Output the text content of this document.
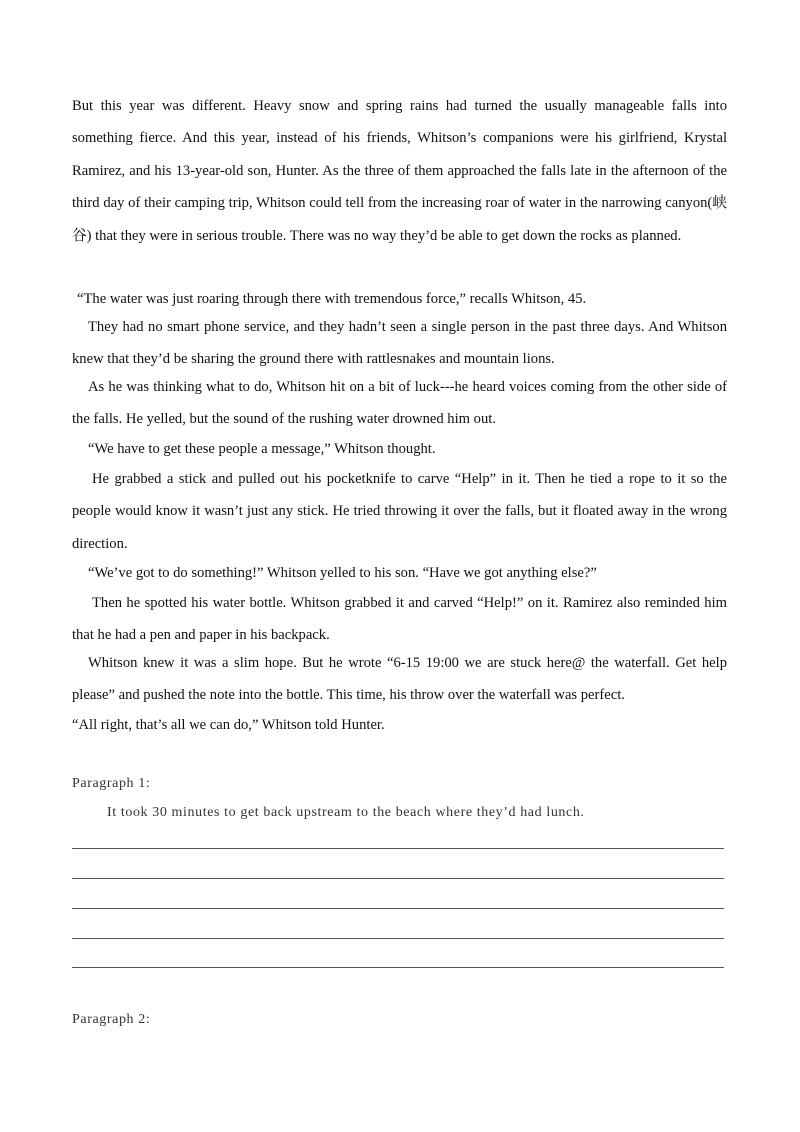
But this year was different. Heavy snow and spring rains had turned the usually manageable falls into something fierce. And this year, instead of his friends, Whitson’s companions were his girlfriend, Krystal Ramirez, and his 13-year-old son, Hunter. As the three of them approached the falls late in the afternoon of the third day of their camping trip, Whitson could tell from the increasing roar of water in the narrowing canyon(峡谷) that they were in serious trouble. There was no way they’d be able to get down the rocks as planned.

“The water was just roaring through there with tremendous force,” recalls Whitson, 45.

They had no smart phone service, and they hadn’t seen a single person in the past three days. And Whitson knew that they’d be sharing the ground there with rattlesnakes and mountain lions.

As he was thinking what to do, Whitson hit on a bit of luck---he heard voices coming from the other side of the falls. He yelled, but the sound of the rushing water drowned him out.

“We have to get these people a message,” Whitson thought.

He grabbed a stick and pulled out his pocketknife to carve “Help” in it. Then he tied a rope to it so the people would know it wasn’t just any stick. He tried throwing it over the falls, but it floated away in the wrong direction.

“We’ve got to do something!” Whitson yelled to his son. “Have we got anything else?”

Then he spotted his water bottle. Whitson grabbed it and carved “Help!” on it. Ramirez also reminded him that he had a pen and paper in his backpack.

Whitson knew it was a slim hope. But he wrote “6-15 19:00 we are stuck here@ the waterfall. Get help please” and pushed the note into the bottle. This time, his throw over the waterfall was perfect.

“All right, that’s all we can do,” Whitson told Hunter.

Paragraph 1:

It took 30 minutes to get back upstream to the beach where they’d had lunch.

Paragraph 2:
